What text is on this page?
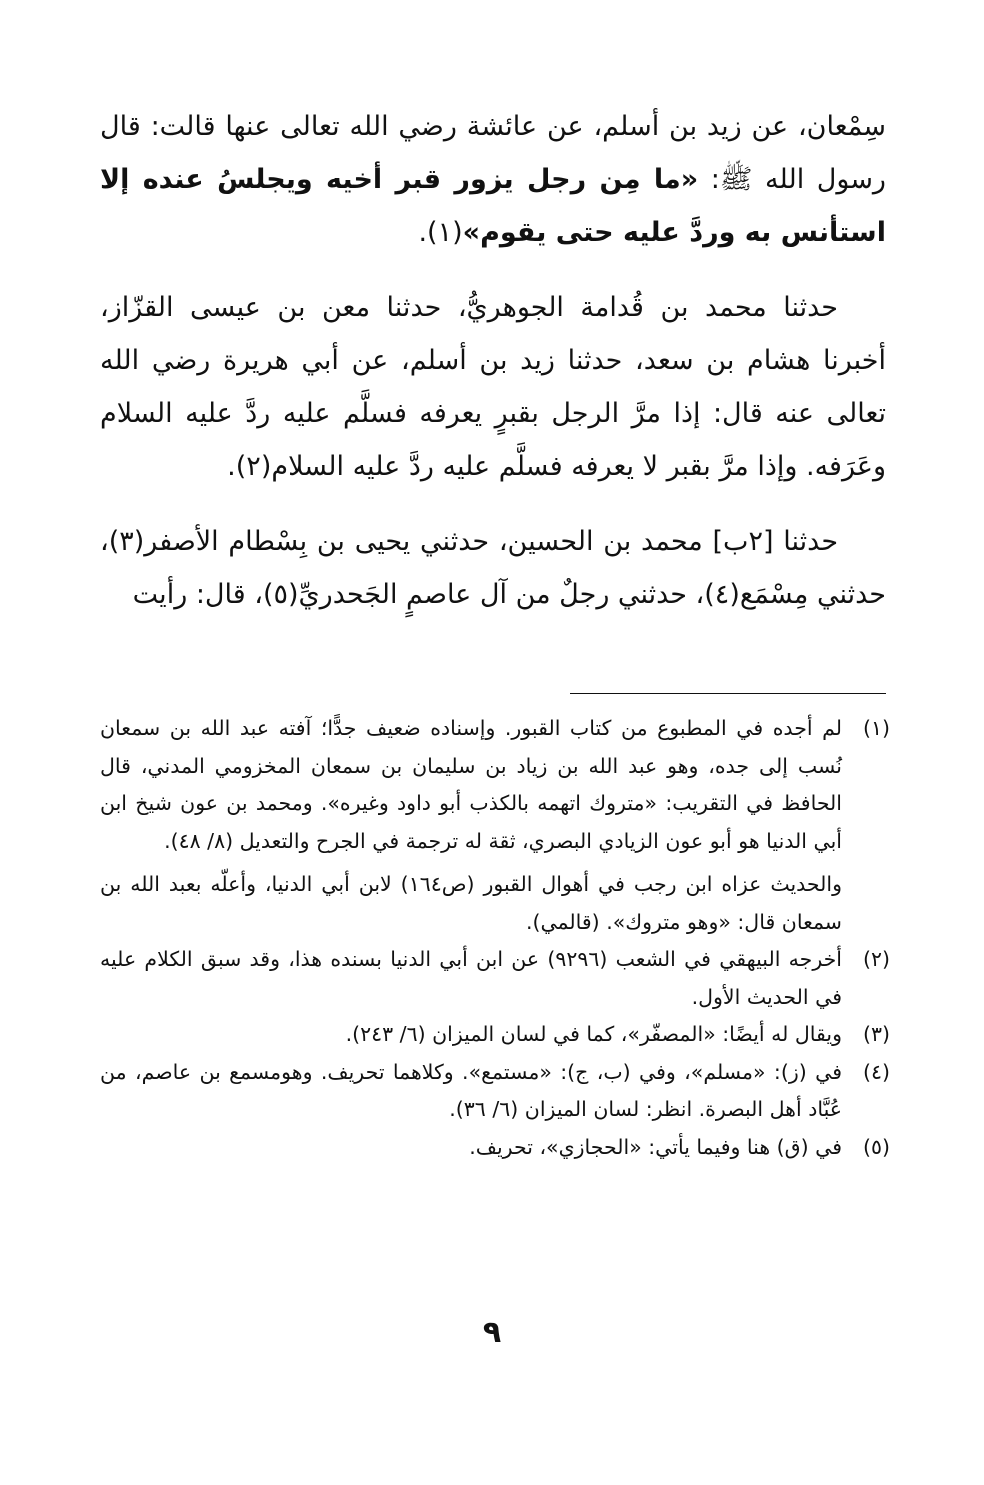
سِمْعان، عن زيد بن أسلم، عن عائشة رضي الله تعالى عنها قالت: قال رسول الله ﷺ: «ما مِن رجل يزور قبر أخيه ويجلسُ عنده إلا استأنس به وردَّ عليه حتى يقوم»(١).

حدثنا محمد بن قُدامة الجوهريُّ، حدثنا معن بن عيسى القزّاز، أخبرنا هشام بن سعد، حدثنا زيد بن أسلم، عن أبي هريرة رضي الله تعالى عنه قال: إذا مرَّ الرجل بقبرٍ يعرفه فسلَّم عليه ردَّ عليه السلام وعَرَفه. وإذا مرَّ بقبر لا يعرفه فسلَّم عليه ردَّ عليه السلام(٢).

حدثنا [٢ب] محمد بن الحسين، حدثني يحيى بن بِسْطام الأصفر(٣)، حدثني مِسْمَع(٤)، حدثني رجلٌ من آل عاصمٍ الجَحدريِّ(٥)، قال: رأيت

(١)

لم أجده في المطبوع من كتاب القبور. وإسناده ضعيف جدًّا؛ آفته عبد الله بن سمعان نُسب إلى جده، وهو عبد الله بن زياد بن سليمان بن سمعان المخزومي المدني، قال الحافظ في التقريب: «متروك اتهمه بالكذب أبو داود وغيره». ومحمد بن عون شيخ ابن أبي الدنيا هو أبو عون الزيادي البصري، ثقة له ترجمة في الجرح والتعديل (٨/ ٤٨).

والحديث عزاه ابن رجب في أهوال القبور (ص١٦٤) لابن أبي الدنيا، وأعلّه بعبد الله بن سمعان قال: «وهو متروك». (قالمي).

(٢)

أخرجه البيهقي في الشعب (٩٢٩٦) عن ابن أبي الدنيا بسنده هذا، وقد سبق الكلام عليه في الحديث الأول.

(٣)

ويقال له أيضًا: «المصفّر»، كما في لسان الميزان (٦/ ٢٤٣).

(٤)

في (ز): «مسلم»، وفي (ب، ج): «مستمع». وكلاهما تحريف. وهومسمع بن عاصم، من عُبَّاد أهل البصرة. انظر: لسان الميزان (٦/ ٣٦).

(٥)

في (ق) هنا وفيما يأتي: «الحجازي»، تحريف.

٩
